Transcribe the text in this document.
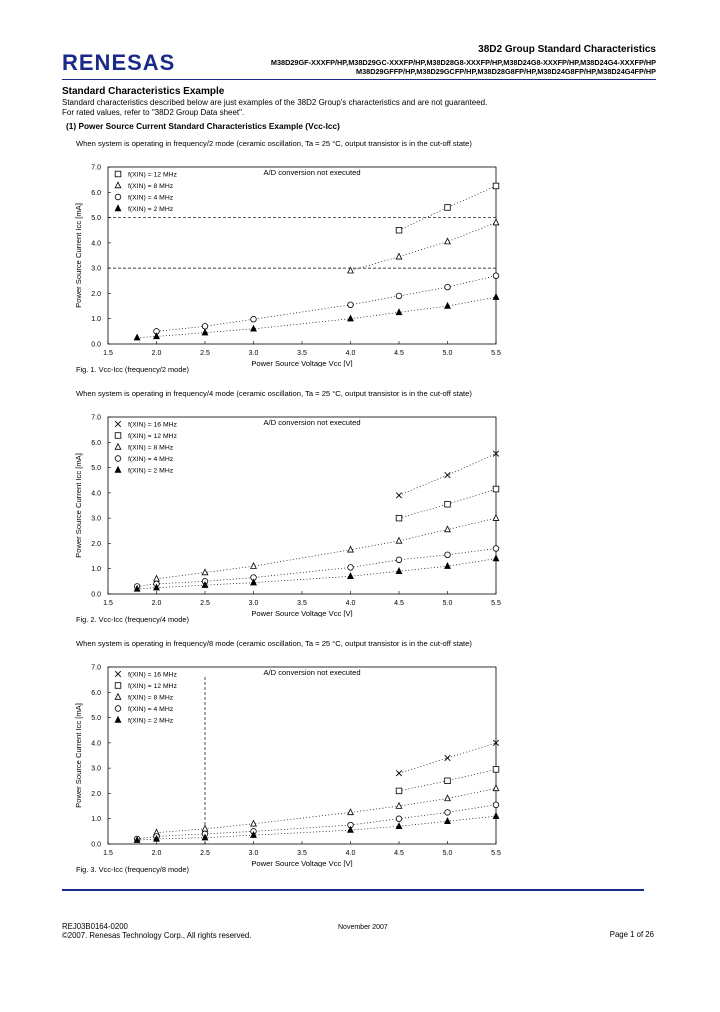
RENESAS
38D2 Group Standard Characteristics
M38D29GF-XXXFP/HP,M38D29GC-XXXFP/HP,M38D28G8-XXXFP/HP,M38D24G8-XXXFP/HP,M38D24G4-XXXFP/HP
M38D29GFFP/HP,M38D29GCFP/HP,M38D28G8FP/HP,M38D24G8FP/HP,M38D24G4FP/HP
Standard Characteristics Example
Standard characteristics described below are just examples of the 38D2 Group's characteristics and are not guaranteed.
For rated values, refer to "38D2 Group Data sheet".
(1) Power Source Current Standard Characteristics Example (Vcc-Icc)
When system is operating in frequency/2 mode (ceramic oscillation, Ta = 25 °C, output transistor is in the cut-off state)
1.5	2.0	2.5	3.0	3.5	4.0	4.5	5.0	5.5
0.0
1.0
2.0
3.0
4.0
5.0
6.0
7.0
Power Source Voltage Vcc [V]
Power Source Current Icc [mA]
A/D conversion not executed
f(XIN) = 12 MHz
f(XIN) = 8 MHz
f(XIN) = 4 MHz
f(XIN) = 2 MHz
Fig. 1. Vcc-Icc (frequency/2 mode)
When system is operating in frequency/4 mode (ceramic oscillation, Ta = 25 °C, output transistor is in the cut-off state)
1.5	2.0	2.5	3.0	3.5	4.0	4.5	5.0	5.5
0.0
1.0
2.0
3.0
4.0
5.0
6.0
7.0
Power Source Voltage Vcc [V]
Power Source Current Icc [mA]
A/D conversion not executed
f(XIN) = 16 MHz
f(XIN) = 12 MHz
f(XIN) = 8 MHz
f(XIN) = 4 MHz
f(XIN) = 2 MHz
Fig. 2. Vcc-Icc (frequency/4 mode)
When system is operating in frequency/8 mode (ceramic oscillation, Ta = 25 °C, output transistor is in the cut-off state)
1.5	2.0	2.5	3.0	3.5	4.0	4.5	5.0	5.5
0.0
1.0
2.0
3.0
4.0
5.0
6.0
7.0
Power Source Voltage Vcc [V]
Power Source Current Icc [mA]
A/D conversion not executed
f(XIN) = 16 MHz
f(XIN) = 12 MHz
f(XIN) = 8 MHz
f(XIN) = 4 MHz
f(XIN) = 2 MHz
Fig. 3. Vcc-Icc (frequency/8 mode)
REJ03B0164-0200
©2007. Renesas Technology Corp., All rights reserved.
November 2007
Page 1 of 26
